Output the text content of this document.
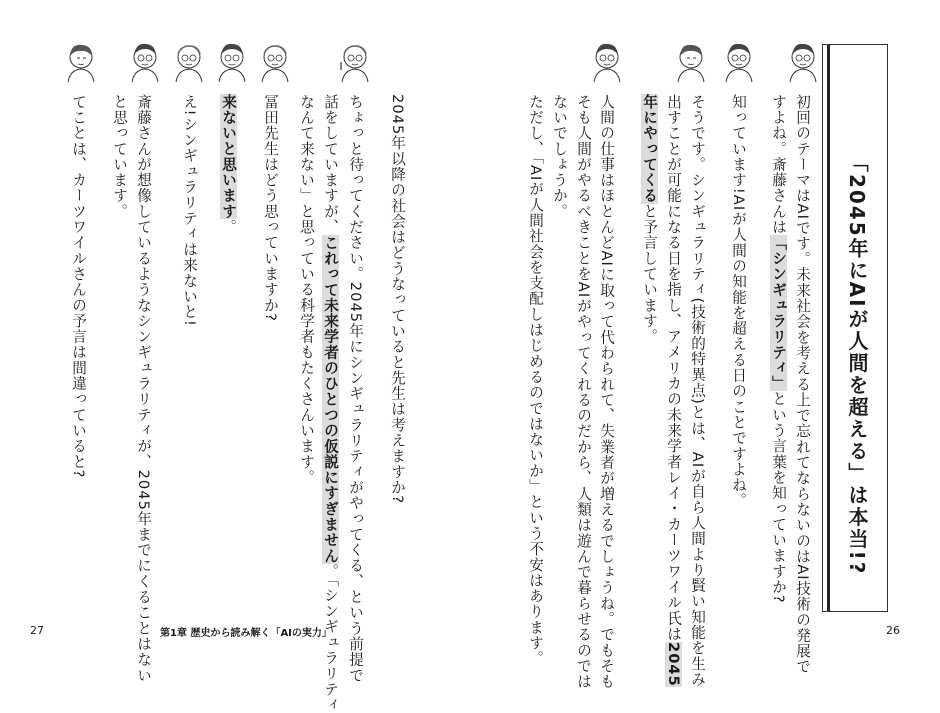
「2045年にAIが人間を超える」は本当!?
初回のテーマはAIです。未来社会を考える上で忘れてならないのはAI技術の発展で
すよね。斎藤さんは「シンギュラリティ」という言葉を知っていますか?
知っています!AIが人間の知能を超える日のことですよね。
そうです。シンギュラリティ(技術的特異点)とは、AIが自ら人間より賢い知能を生み
出すことが可能になる日を指し、アメリカの未来学者レイ・カーツワイル氏は2045
年にやってくると予言しています。
人間の仕事はほとんどAIに取って代わられて、失業者が増えるでしょうね。でもそも
そも人間がやるべきことをAIがやってくれるのだから、人類は遊んで暮らせるのでは
ないでしょうか。
ただし、「AIが人間社会を支配しはじめるのではないか」という不安はあります。
2045年以降の社会はどうなっていると先生は考えますか?
ちょっと待ってください。2045年にシンギュラリティがやってくる、という前提で
話をしていますが、これって未来学者のひとつの仮説にすぎません。「シンギュラリティ
なんて来ない」と思っている科学者もたくさんいます。
冨田先生はどう思っていますか?
来ないと思います。
え!シンギュラリティは来ないと!
斎藤さんが想像しているようなシンギュラリティが、2045年までにくることはない
と思っています。
てことは、カーツワイルさんの予言は間違っていると?
27	26
第1章 歴史から読み解く「AIの実力」
